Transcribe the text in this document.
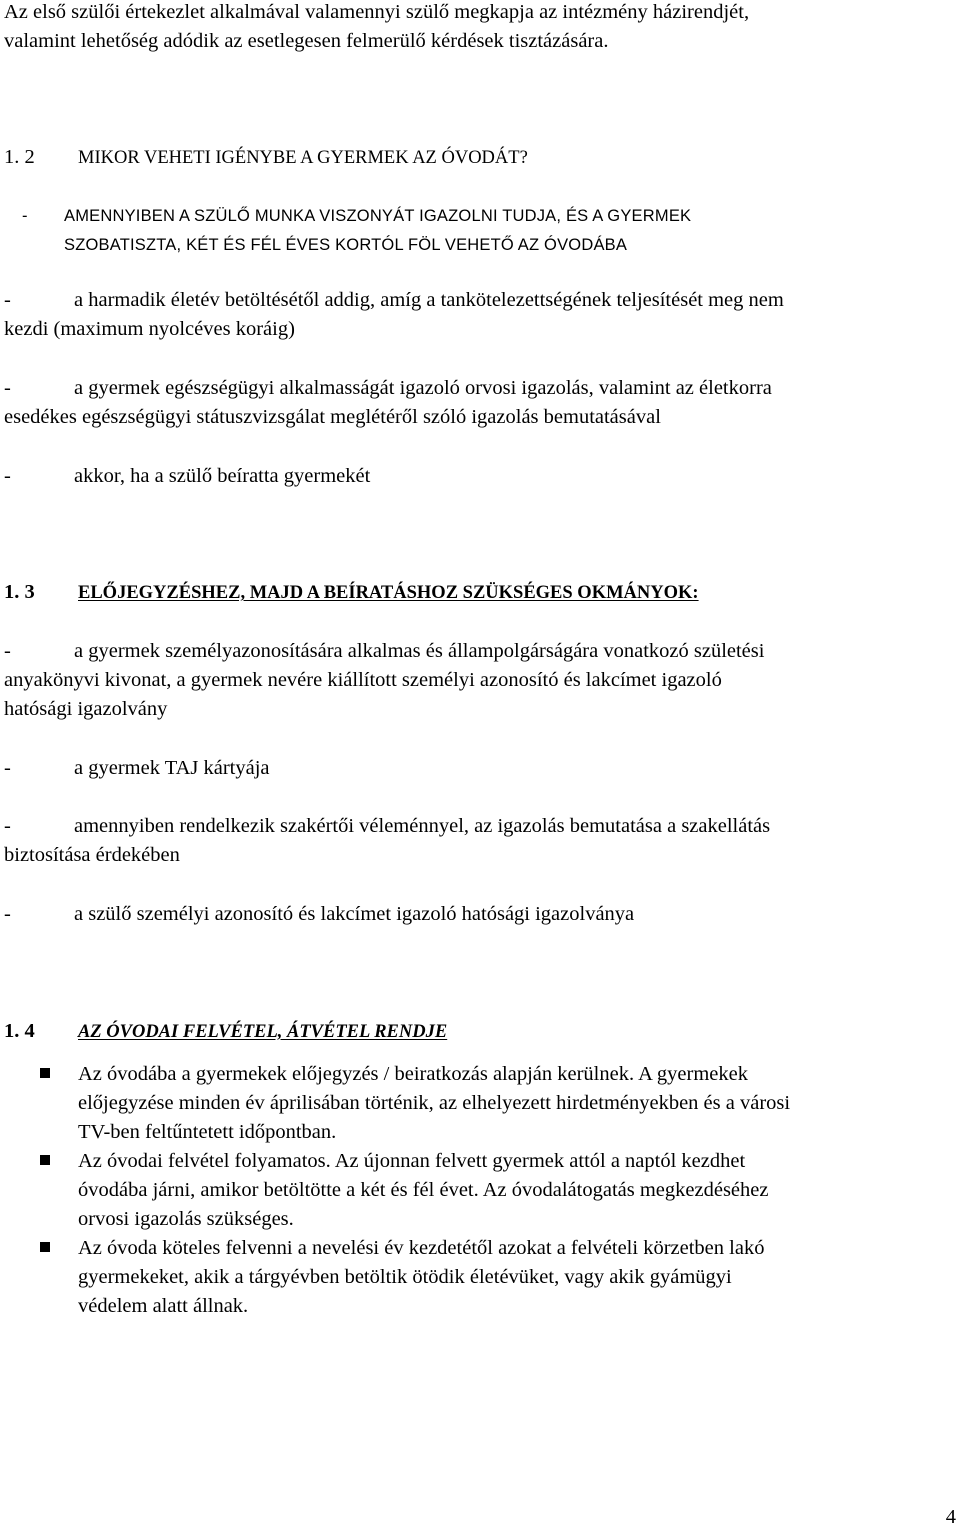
Az első szülői értekezlet alkalmával valamennyi szülő megkapja az intézmény házirendjét,
valamint lehetőség adódik az esetlegesen felmerülő kérdések tisztázására.
1. 2 MIKOR VEHETI IGÉNYBE A GYERMEK AZ ÓVODÁT?
- AMENNYIBEN A SZÜLŐ MUNKA VISZONYÁT IGAZOLNI TUDJA, ÉS A GYERMEK
SZOBATISZTA, KÉT ÉS FÉL ÉVES KORTÓL FÖL VEHETŐ AZ ÓVODÁBA
-	a harmadik életév betöltésétől addig, amíg a tankötelezettségének teljesítését meg nem
kezdi (maximum nyolcéves koráig)
-	a gyermek egészségügyi alkalmasságát igazoló orvosi igazolás, valamint az életkorra
esedékes egészségügyi státuszvizsgálat meglétéről szóló igazolás bemutatásával
-	akkor, ha a szülő beíratta gyermekét
1. 3 ELŐJEGYZÉSHEZ, MAJD A BEÍRATÁSHOZ SZÜKSÉGES OKMÁNYOK:
-	a gyermek személyazonosítására alkalmas és állampolgárságára vonatkozó születési
anyakönyvi kivonat, a gyermek nevére kiállított személyi azonosító és lakcímet igazoló
hatósági igazolvány
-	a gyermek TAJ kártyája
-	amennyiben rendelkezik szakértői véleménnyel, az igazolás bemutatása a szakellátás
biztosítása érdekében
-	a szülő személyi azonosító és lakcímet igazoló hatósági igazolványa
1. 4 AZ ÓVODAI FELVÉTEL, ÁTVÉTEL RENDJE
Az óvodába a gyermekek előjegyzés / beiratkozás alapján kerülnek. A gyermekek
előjegyzése minden év áprilisában történik, az elhelyezett hirdetményekben és a városi
TV-ben feltűntetett időpontban.
Az óvodai felvétel folyamatos. Az újonnan felvett gyermek attól a naptól kezdhet
óvodába járni, amikor betöltötte a két és fél évet. Az óvodalátogatás megkezdéséhez
orvosi igazolás szükséges.
Az óvoda köteles felvenni a nevelési év kezdetétől azokat a felvételi körzetben lakó
gyermekeket, akik a tárgyévben betöltik ötödik életévüket, vagy akik gyámügyi
védelem alatt állnak.
4
